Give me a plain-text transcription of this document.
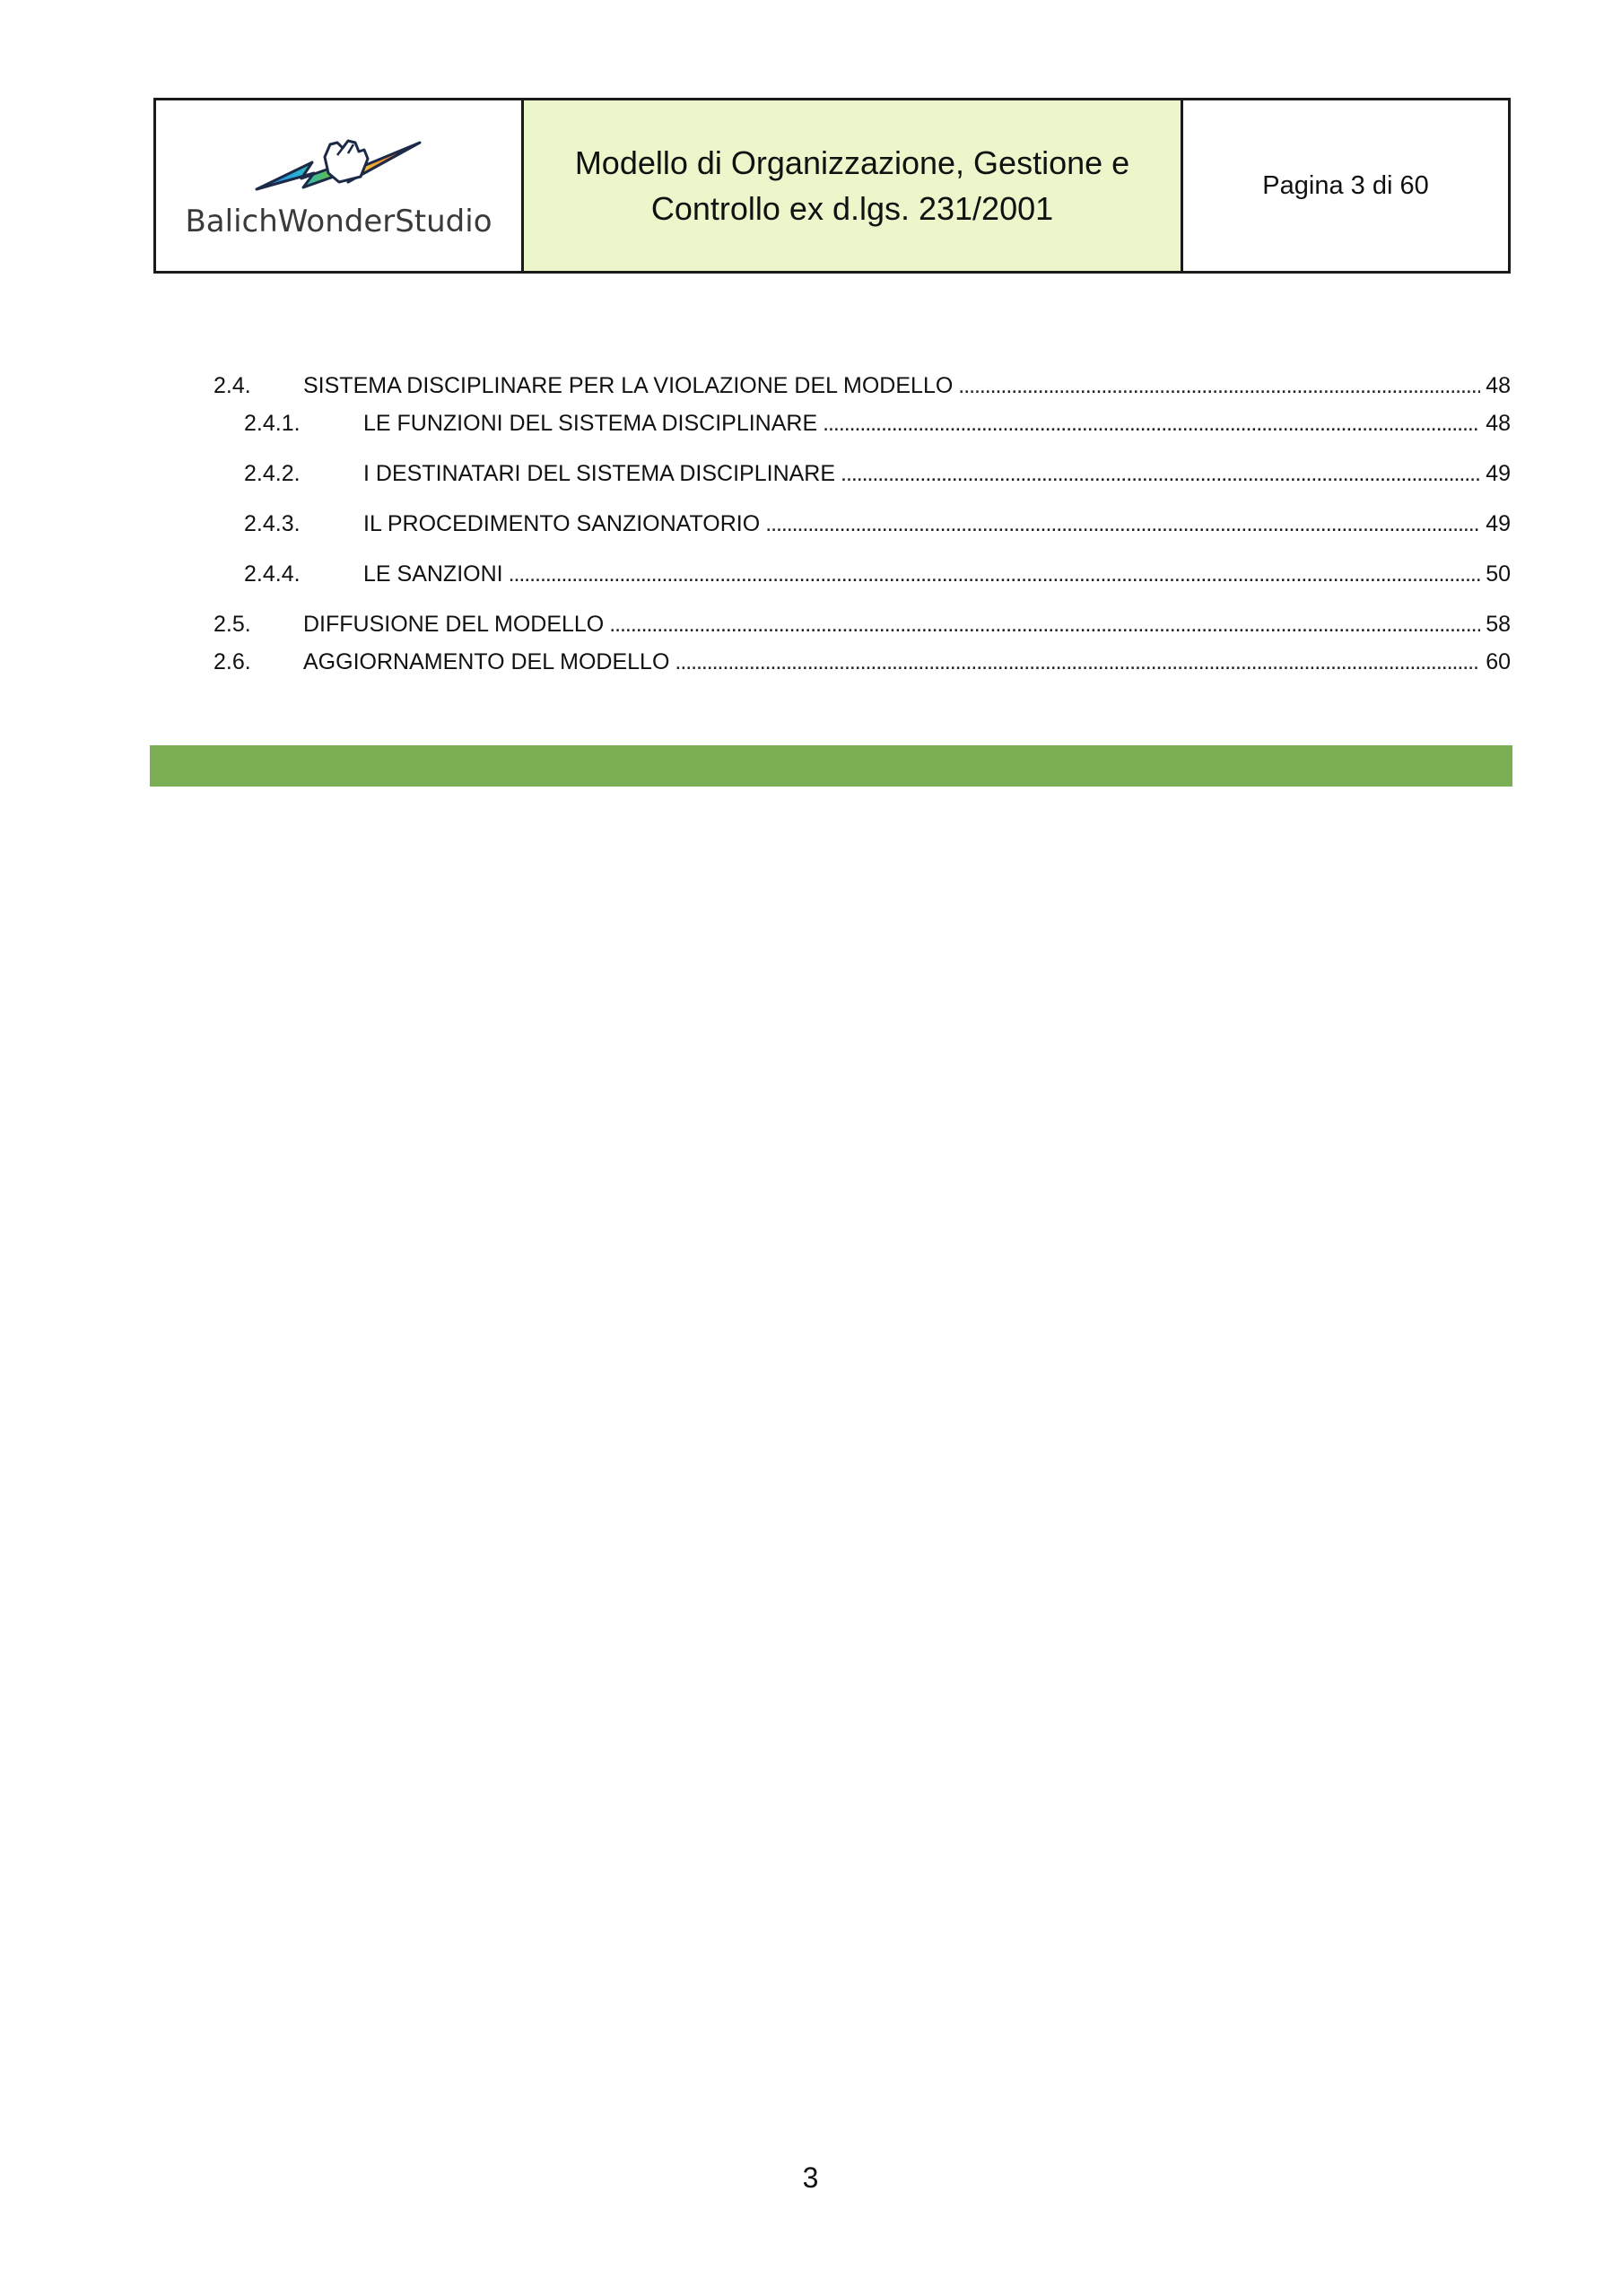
BalichWonderStudio
Modello di Organizzazione, Gestione e Controllo ex d.lgs. 231/2001
Pagina 3 di 60
2.4.	SISTEMA DISCIPLINARE PER LA VIOLAZIONE DEL MODELLO . . .	48
2.4.1.	LE FUNZIONI DEL SISTEMA DISCIPLINARE . . .	48
2.4.2.	I DESTINATARI DEL SISTEMA DISCIPLINARE . . .	49
2.4.3.	IL PROCEDIMENTO SANZIONATORIO . . .	49
2.4.4.	LE SANZIONI . . .	50
2.5.	DIFFUSIONE DEL MODELLO . . .	58
2.6.	AGGIORNAMENTO DEL MODELLO . . .	60
3
